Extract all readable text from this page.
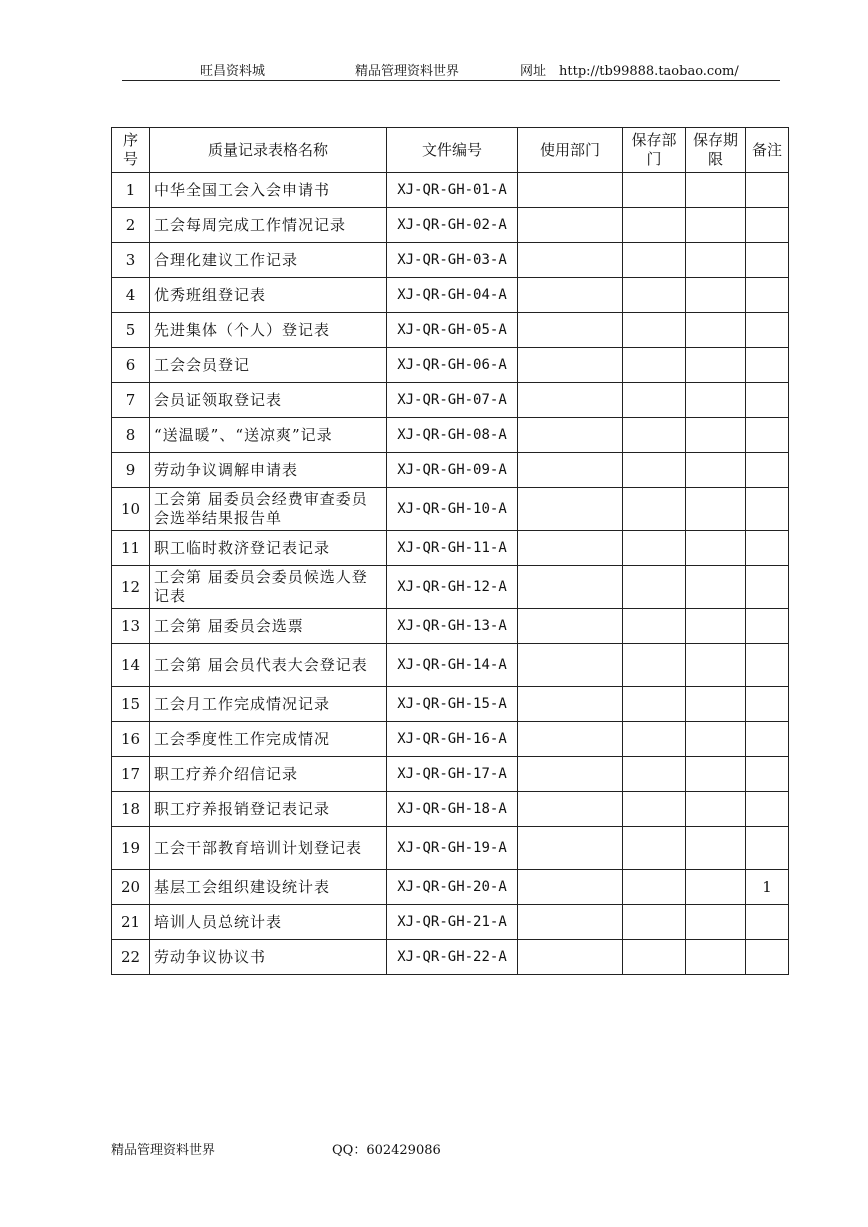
旺昌资料城	精品管理资料世界	网址　http://tb99888.taobao.com/
序号	质量记录表格名称	文件编号	使用部门	保存部门	保存期限	备注
1	中华全国工会入会申请书	XJ-QR-GH-01-A				
2	工会每周完成工作情况记录	XJ-QR-GH-02-A				
3	合理化建议工作记录	XJ-QR-GH-03-A				
4	优秀班组登记表	XJ-QR-GH-04-A				
5	先进集体（个人）登记表	XJ-QR-GH-05-A				
6	工会会员登记	XJ-QR-GH-06-A				
7	会员证领取登记表	XJ-QR-GH-07-A				
8	“送温暖”、“送凉爽”记录	XJ-QR-GH-08-A				
9	劳动争议调解申请表	XJ-QR-GH-09-A				
10	工会第 届委员会经费审查委员会选举结果报告单	XJ-QR-GH-10-A				
11	职工临时救济登记表记录	XJ-QR-GH-11-A				
12	工会第 届委员会委员候选人登记表	XJ-QR-GH-12-A				
13	工会第 届委员会选票	XJ-QR-GH-13-A				
14	工会第 届会员代表大会登记表	XJ-QR-GH-14-A				
15	工会月工作完成情况记录	XJ-QR-GH-15-A				
16	工会季度性工作完成情况	XJ-QR-GH-16-A				
17	职工疗养介绍信记录	XJ-QR-GH-17-A				
18	职工疗养报销登记表记录	XJ-QR-GH-18-A				
19	工会干部教育培训计划登记表	XJ-QR-GH-19-A				
20	基层工会组织建设统计表	XJ-QR-GH-20-A				1
21	培训人员总统计表	XJ-QR-GH-21-A				
22	劳动争议协议书	XJ-QR-GH-22-A				
精品管理资料世界	QQ：602429086
